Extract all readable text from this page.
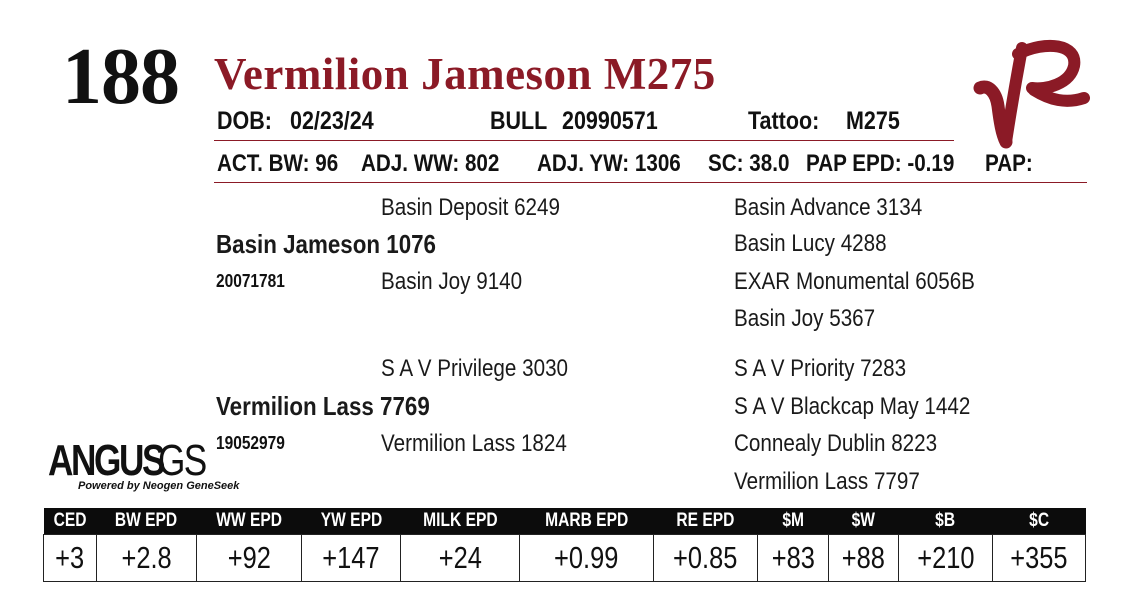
188 Vermilion Jameson M275
DOB: 02/23/24	BULL 20990571	Tattoo:	M275
ACT. BW: 96 ADJ. WW: 802	ADJ. YW: 1306	SC: 38.0 PAP EPD: -0.19	PAP:
Basin Deposit 6249
Basin Jameson 1076
20071781	Basin Joy 9140
Basin Advance 3134
Basin Lucy 4288
EXAR Monumental 6056B
Basin Joy 5367
S A V Privilege 3030
Vermilion Lass 7769
19052979	Vermilion Lass 1824
S A V Priority 7283
S A V Blackcap May 1442
Connealy Dublin 8223
Vermilion Lass 7797
ANGUS
GS
Powered by Neogen GeneSeek
CED	BW EPD	WW EPD	YW EPD	MILK EPD	MARB EPD	RE EPD	$M	$W	$B	$C
+3	+2.8	+92	+147	+24	+0.99	+0.85	+83	+88	+210	+355
